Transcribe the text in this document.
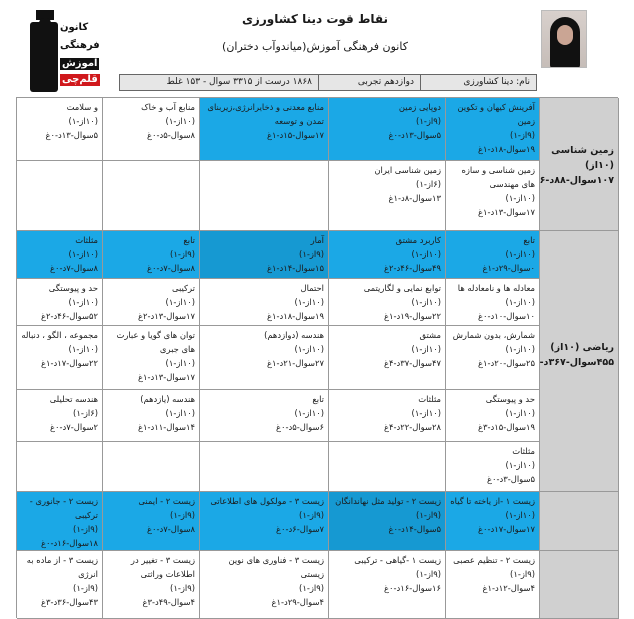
نقاط قوت دینا کشاورزی
کانون فرهنگی آموزش(میاندوآب دختران)
کانون
فرهنگی
آموزش
قلم‌چی	نام: دینا کشاورزی
دوازدهم تجربی
۱۸۶۸ درست از ۳۳۱۵ سوال - ۱۵۳ غلط
زمین شناسی (۱۰از) ۱۰۷سوال-۸۸د-۶
ریاضی (۱۰از) ۴۵۵سوال-۳۶۷د-
آفرینش کیهان و تکوین زمین
(۹از-۱)
۱۹سوال-۱۸د-۱غ
دوپایی زمین
(۹از-۱)
۵سوال-۱۳د-۰غ
منابع معدنی و ذخایرانرژی،زیربنای تمدن و توسعه
۱۷سوال-۱۵د-۱غ
منابع آب و خاک
(۱۰از-۱)
۸سوال-۵د-۰غ
و سلامت
(۱۰از-۱)
۵سوال-۱۳د-۰غ
زمین شناسی و سازه های مهندسی
(۱۰از-۱)
۱۷سوال-۱۳د-۱غ
زمین شناسی ایران
(۶از-۱)
۱۳سوال-۸د-۱غ
تابع
(۱۰از-۱)
۰سوال-۲۹د-۱غ
کاربرد مشتق
(۱۰از-۱)
۴۹سوال-۴۶د-۲غ
آمار
(۹از-۱)
۱۵سوال-۱۴د-۱غ
تابع
(۹از-۱)
۸سوال-۷د-۰غ
مثلثات
(۱۰از-۱)
۸سوال-۷د-۰غ
معادله ها و نامعادله ها
(۱۰از-۱)
۱۰سوال-۱۰د-۰غ
توابع نمایی و لگاریتمی
(۱۰از-۱)
۲۲سوال-۱۹د-۱غ
احتمال
(۱۰از-۱)
۱۹سوال-۱۸د-۱غ
ترکیبی
(۱۰از-۱)
۱۷سوال-۱۳د-۲غ
حد و پیوستگی
(۱۰از-۱)
۵۲سوال-۴۶د-۲غ
شمارش، بدون شمارش
(۱۰از-۱)
۲۵سوال-۲۰د-۱غ
مشتق
(۱۰از-۱)
۴۷سوال-۳۷د-۴غ
هندسه (دوازدهم)
(۱۰از-۱)
۲۷سوال-۲۱د-۱غ
توان های گویا و عبارت های جبری
(۱۰از-۱)
۱۷سوال-۱۳د-۱غ
مجموعه ، الگو ، دنباله
(۱۰از-۱)
۲۲سوال-۱۷د-۱غ
حد و پیوستگی
(۱۰از-۱)
۱۹سوال-۱۵د-۳غ
مثلثات
(۱۰از-۱)
۲۸سوال-۲۲د-۴غ
تابع
(۱۰از-۱)
۶سوال-۵د-۰غ
هندسه (یازدهم)
(۱۰از-۱)
۱۴سوال-۱۱د-۱غ
هندسه تحلیلی
(۶از-۱)
۲سوال-۷د-۰غ
مثلثات
(۱۰از-۱)
۵سوال-۳د-۰غ
زیست ۱ -از یاخته تا گیاه
(۱۰از-۱)
۱۷سوال-۱۷د-۰غ
زیست ۲ - تولید مثل نهاندانگان
(۹از-۱)
۵سوال-۱۴د-۰غ
زیست ۳ - مولکول های اطلاعاتی
(۹از-۱)
۷سوال-۶د-۰غ
زیست ۲ - ایمنی
(۹از-۱)
۸سوال-۷د-۰غ
زیست ۲ - جانوری - ترکیبی
(۹از-۱)
۱۸سوال-۱۶د-۰غ
زیست ۲ - تنظیم عصبی
(۹از-۱)
۴سوال-۱۲د-۱غ
زیست ۱ -گیاهی - ترکیبی
(۹از-۱)
۱۶سوال-۱۶د-۰غ
زیست ۳ - فناوری های نوین زیستی
(۹از-۱)
۴سوال-۲۹د-۱غ
زیست ۳ - تغییر در اطلاعات وراثتی
(۹از-۱)
۴سوال-۴۹د-۳غ
زیست ۳ - از ماده به انرژی
(۹از-۱)
۴۳سوال-۳۶د-۳غ
